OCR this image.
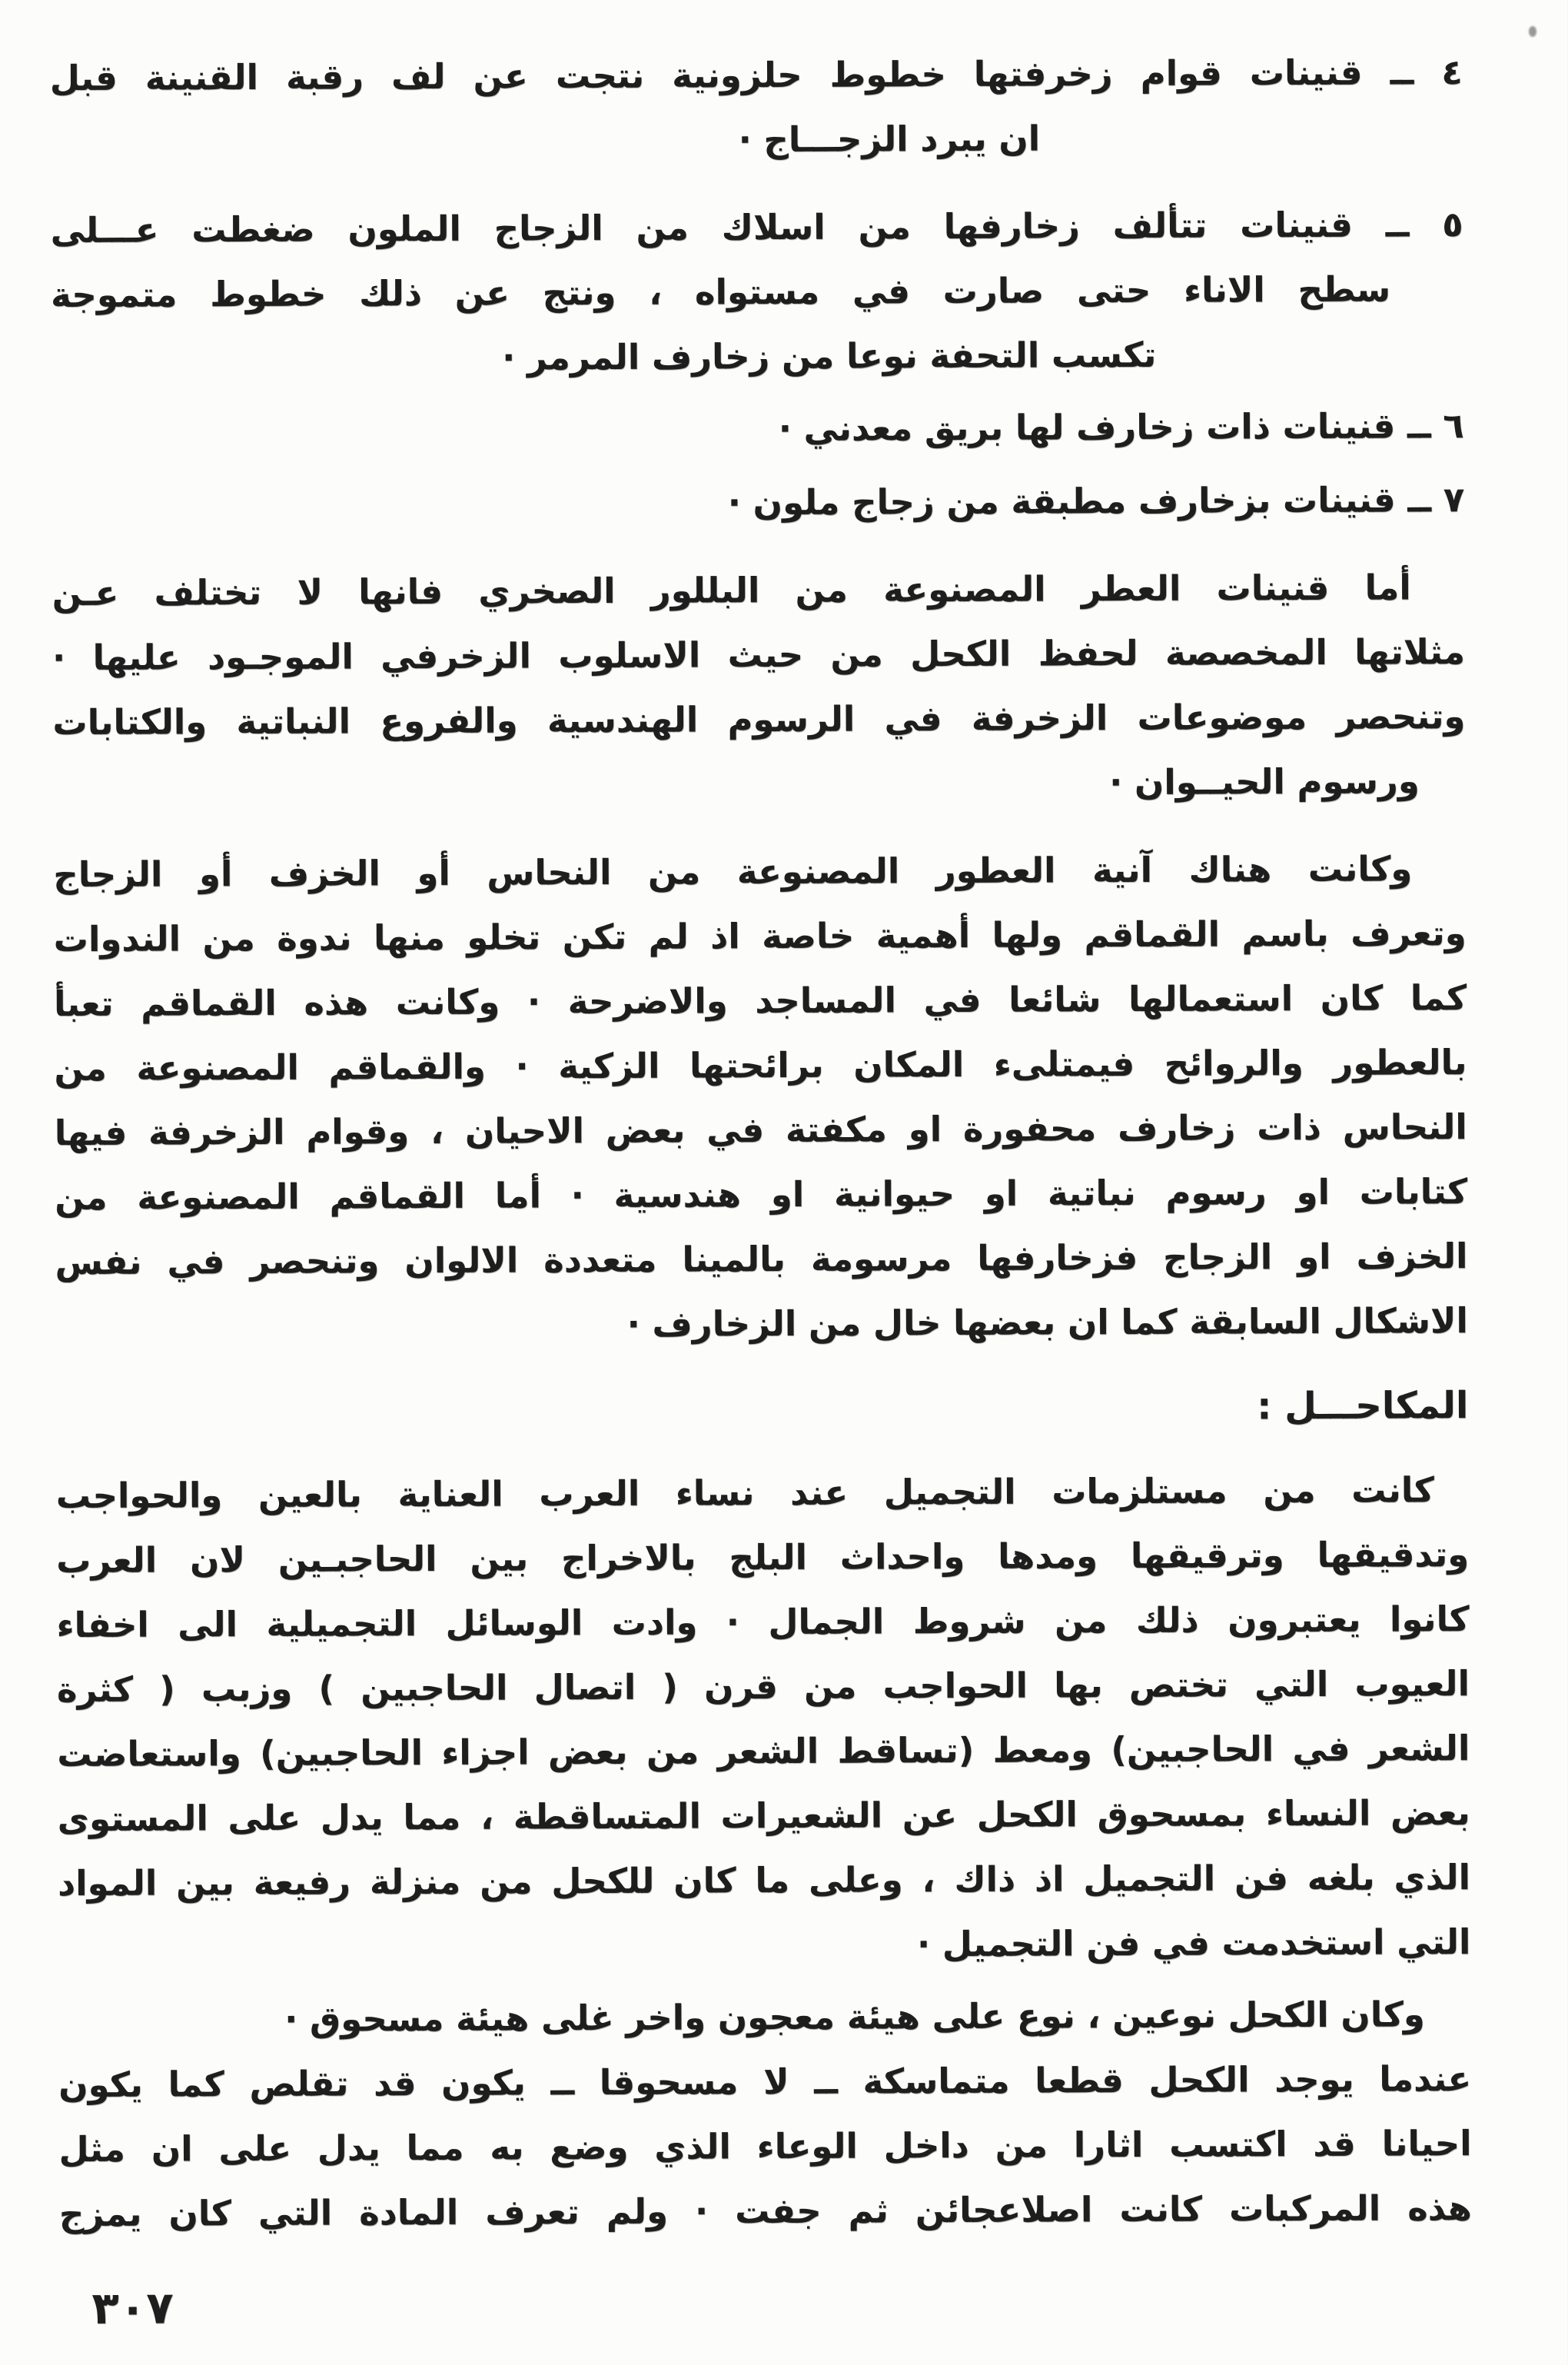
٤ ــ قنينات قوام زخرفتها خطوط حلزونية نتجت عن لف رقبة القنينة قبل
ان يبرد الزجـــاج ·
٥ ــ قنينات تتألف زخارفها من اسلاك من الزجاج الملون ضغطت عـــلى
سطح الاناء حتى صارت في مستواه ، ونتج عن ذلك خطوط متموجة
تكسب التحفة نوعا من زخارف المرمر ·
٦ ــ قنينات ذات زخارف لها بريق معدني ·
٧ ــ قنينات بزخارف مطبقة من زجاج ملون ·
أما قنينات العطر المصنوعة من البللور الصخري فانها لا تختلف عـن
مثلاتها المخصصة لحفظ الكحل من حيث الاسلوب الزخرفي الموجـود عليها ·
وتنحصر موضوعات الزخرفة في الرسوم الهندسية والفروع النباتية والكتابات
ورسوم الحيــوان ·
وكانت هناك آنية العطور المصنوعة من النحاس أو الخزف أو الزجاج
وتعرف باسم القماقم ولها أهمية خاصة اذ لم تكن تخلو منها ندوة من الندوات
كما كان استعمالها شائعا في المساجد والاضرحة · وكانت هذه القماقم تعبأ
بالعطور والروائح فيمتلىء المكان برائحتها الزكية · والقماقم المصنوعة من
النحاس ذات زخارف محفورة او مكفتة في بعض الاحيان ، وقوام الزخرفة فيها
كتابات او رسوم نباتية او حيوانية او هندسية · أما القماقم المصنوعة من
الخزف او الزجاج فزخارفها مرسومة بالمينا متعددة الالوان وتنحصر في نفس
الاشكال السابقة كما ان بعضها خال من الزخارف ·
المكاحـــل :
كانت من مستلزمات التجميل عند نساء العرب العناية بالعين والحواجب
وتدقيقها وترقيقها ومدها واحداث البلج بالاخراج بين الحاجبـين لان العرب
كانوا يعتبرون ذلك من شروط الجمال · وادت الوسائل التجميلية الى اخفاء
العيوب التي تختص بها الحواجب من قرن ( اتصال الحاجبين ) وزبب ( كثرة
الشعر في الحاجبين) ومعط (تساقط الشعر من بعض اجزاء الحاجبين) واستعاضت
بعض النساء بمسحوق الكحل عن الشعيرات المتساقطة ، مما يدل على المستوى
الذي بلغه فن التجميل اذ ذاك ، وعلى ما كان للكحل من منزلة رفيعة بين المواد
التي استخدمت في فن التجميل ·
وكان الكحل نوعين ، نوع على هيئة معجون واخر غلى هيئة مسحوق ·
عندما يوجد الكحل قطعا متماسكة ــ لا مسحوقا ــ يكون قد تقلص كما يكون
احيانا قد اكتسب اثارا من داخل الوعاء الذي وضع به مما يدل على ان مثل
هذه المركبات كانت اصلاعجائن ثم جفت · ولم تعرف المادة التي كان يمزج
٣٠٧
